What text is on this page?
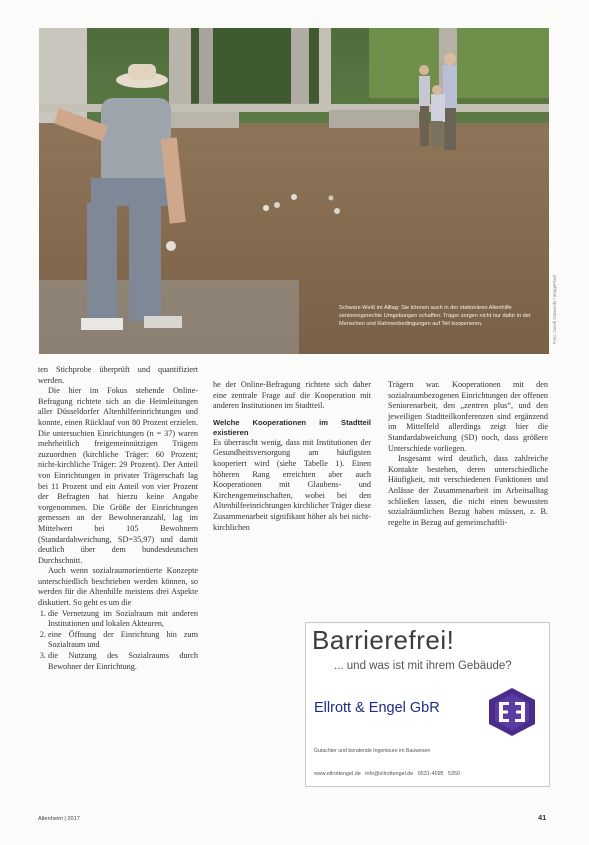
Schwarz-Weiß im Alltag: Sie können auch in der stationären Altenhilfe seniorengerechte Umgebungen schaffen. Träger sorgen nicht nur dafür in der Menschen und Rahmenbedingungen auf Teil kooperieren.	Foto: Jacek Gaworski / ImagePixel

ten Stichprobe überprüft und quantifiziert werden.

Die hier im Fokus stehende Online-Befragung richtete sich an die Heimleitungen aller Düsseldorfer Altenhilfeeinrichtungen und konnte, einen Rücklauf von 80 Prozent erzielen. Die untersuchten Einrichtungen (n = 37) waren mehrheitlich freigemeinnützigen Trägern zuzuordnen (kirchliche Träger: 60 Prozent; nicht-kirchliche Träger: 29 Prozent). Der Anteil von Einrichtungen in privater Trägerschaft lag bei 11 Prozent und ein Anteil von vier Prozent der Befragten hat hierzu keine Angabe vorgenommen. Die Größe der Einrichtungen gemessen an der Bewohneranzahl, lag im Mittelwert bei 105 Bewohnern (Standardabweichung, SD=35,97) und damit deutlich über dem bundesdeutschen Durchschnitt.

Auch wenn sozialraumorientierte Konzepte unterschiedlich beschrieben werden können, so werden für die Altenhilfe meistens drei Aspekte diskutiert. So geht es um die

1. die Vernetzung im Sozialraum mit anderen Institutionen und lokalen Akteuren,
2. eine Öffnung der Einrichtung hin zum Sozialraum und
3. die Nutzung des Sozialraums durch Bewohner der Einrichtung.

he der Online-Befragung richtete sich daher eine zentrale Frage auf die Kooperation mit anderen Institutionen im Stadtteil.

Welche Kooperationen im Stadtteil existieren

Es überrascht wenig, dass mit Institutionen der Gesundheitsversorgung am häufigsten kooperiert wird (siehe Tabelle 1). Einen höheren Rang erreichten aber auch Kooperationen mit Glaubens- und Kirchengemeinschaften, wobei bei den Altenhilfeeinrichtungen kirchlicher Träger diese Zusammenarbeit signifikant höher als bei nicht-kirchlichen

Trägern war. Kooperationen mit den sozialraumbezogenen Einrichtungen der offenen Seniorenarbeit, den „zentren plus“, und den jeweiligen Stadtteilkonferenzen sind ergänzend im Mittelfeld allerdings zeigt hier die Standardabweichung (SD) noch, dass größere Unterschiede vorliegen.

Insgesamt wird deutlich, dass zahlreiche Kontakte bestehen, deren unterschiedliche Häufigkeit, mit verschiedenen Funktionen und Anlässe der Zusammenarbeit im Arbeitsalltag schließen lassen, die nicht einen bewussten sozialräumlichen Bezug haben müssen, z. B. regelte in Bezug auf gemeinschaftli-

Barrierefrei!
... und was ist mit ihrem Gebäude?
Ellrott & Engel GbR
Gutachter und beratende Ingenieure im Bauwesen
www.ellrottengel.de info@ellrottengel.de 0531-4095 5350
Altenheim | 2017	41
